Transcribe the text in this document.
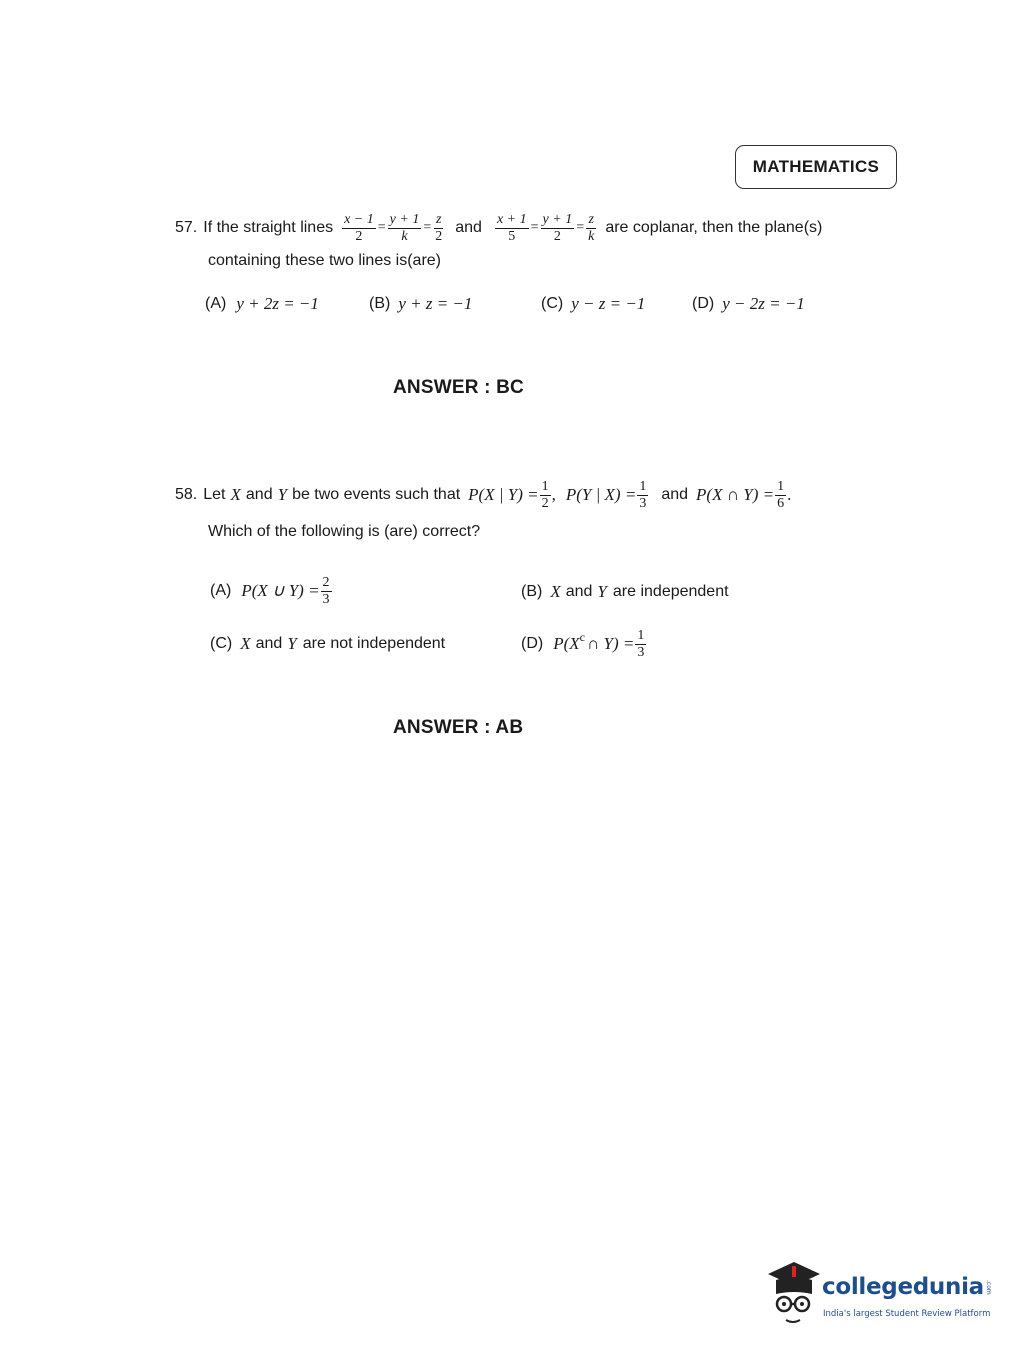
MATHEMATICS
57. If the straight lines $\frac{x - 1}{2} = \frac{y + 1}{k} = \frac{z}{2}$ and $\frac{x + 1}{5} = \frac{y + 1}{2} = \frac{z}{k}$ are coplanar, then the plane(s)
containing these two lines is(are)
(A) y + 2z = −1	(B) y + z = −1	(C) y − z = −1	(D) y − 2z = −1
ANSWER : BC
58. Let X and Y be two events such that P(X | $Y) = \frac{1}{2}$ , P(Y | $X) = \frac{1}{3}$ and P(X ∩ $Y) = \frac{1}{6}$ .
Which of the following is (are) correct?
(A) P(X ∪ $Y) = \frac{2}{3}$	(B) X and Y are independent
(C) X and Y are not independent	(D) P(X c ∩ $Y) = \frac{1}{3}$
ANSWER : AB
collegedunia .com
India's largest Student Review Platform
